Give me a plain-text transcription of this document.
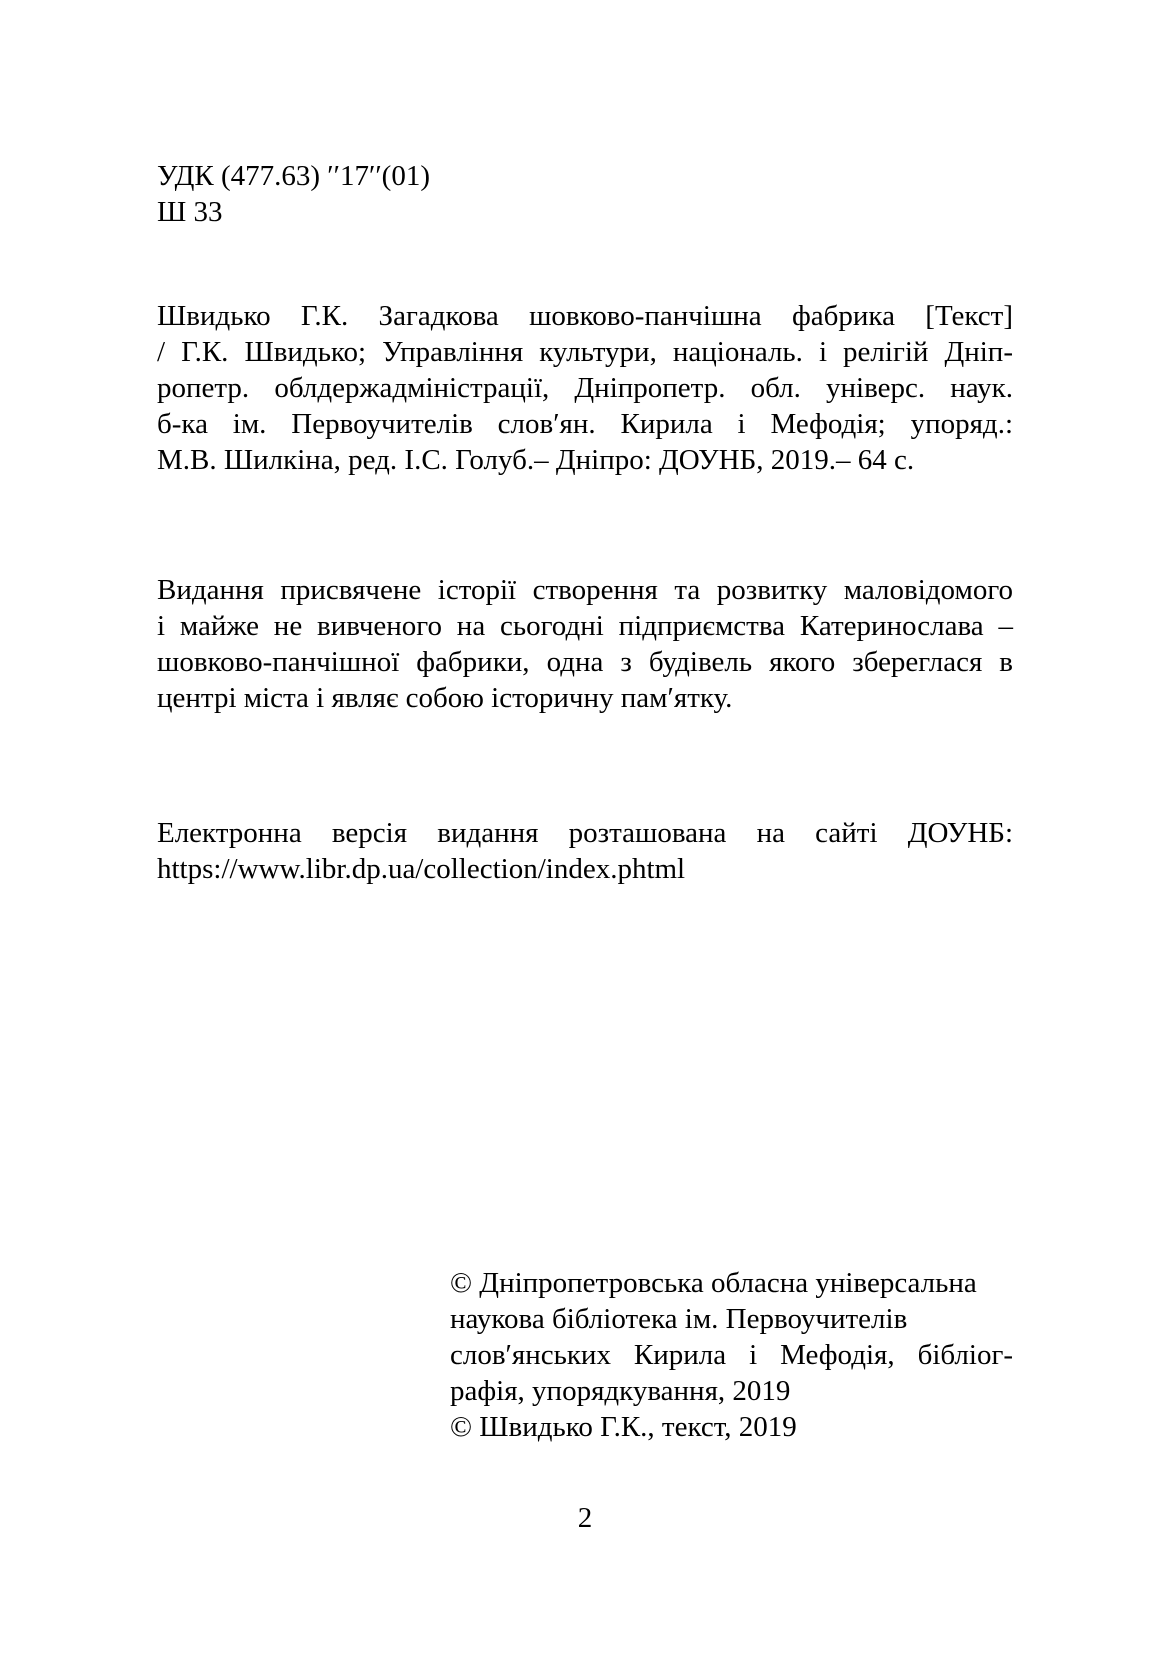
УДК (477.63) ′′17′′(01)
Ш 33
Швидько Г.К. Загадкова шовково-панчішна фабрика [Текст]
/ Г.К. Швидько; Управління культури, національ. і релігій Дніп-
ропетр. облдержадміністрації, Дніпропетр. обл. універс. наук.
б-ка ім. Первоучителів слов′ян. Кирила і Мефодія; упоряд.:
М.В. Шилкіна, ред. І.С. Голуб.– Дніпро: ДОУНБ, 2019.– 64 с.
Видання присвячене історії створення та розвитку маловідомого
і майже не вивченого на сьогодні підприємства Катеринослава –
шовково-панчішної фабрики, одна з будівель якого збереглася в
центрі міста і являє собою історичну пам′ятку.
Електронна версія видання розташована на сайті ДОУНБ:
https://www.libr.dp.ua/collection/index.phtml
© Дніпропетровська обласна універсальна
наукова бібліотека ім. Первоучителів
слов′янських Кирила і Мефодія, бібліог-
рафія, упорядкування, 2019
© Швидько Г.К., текст, 2019
2
